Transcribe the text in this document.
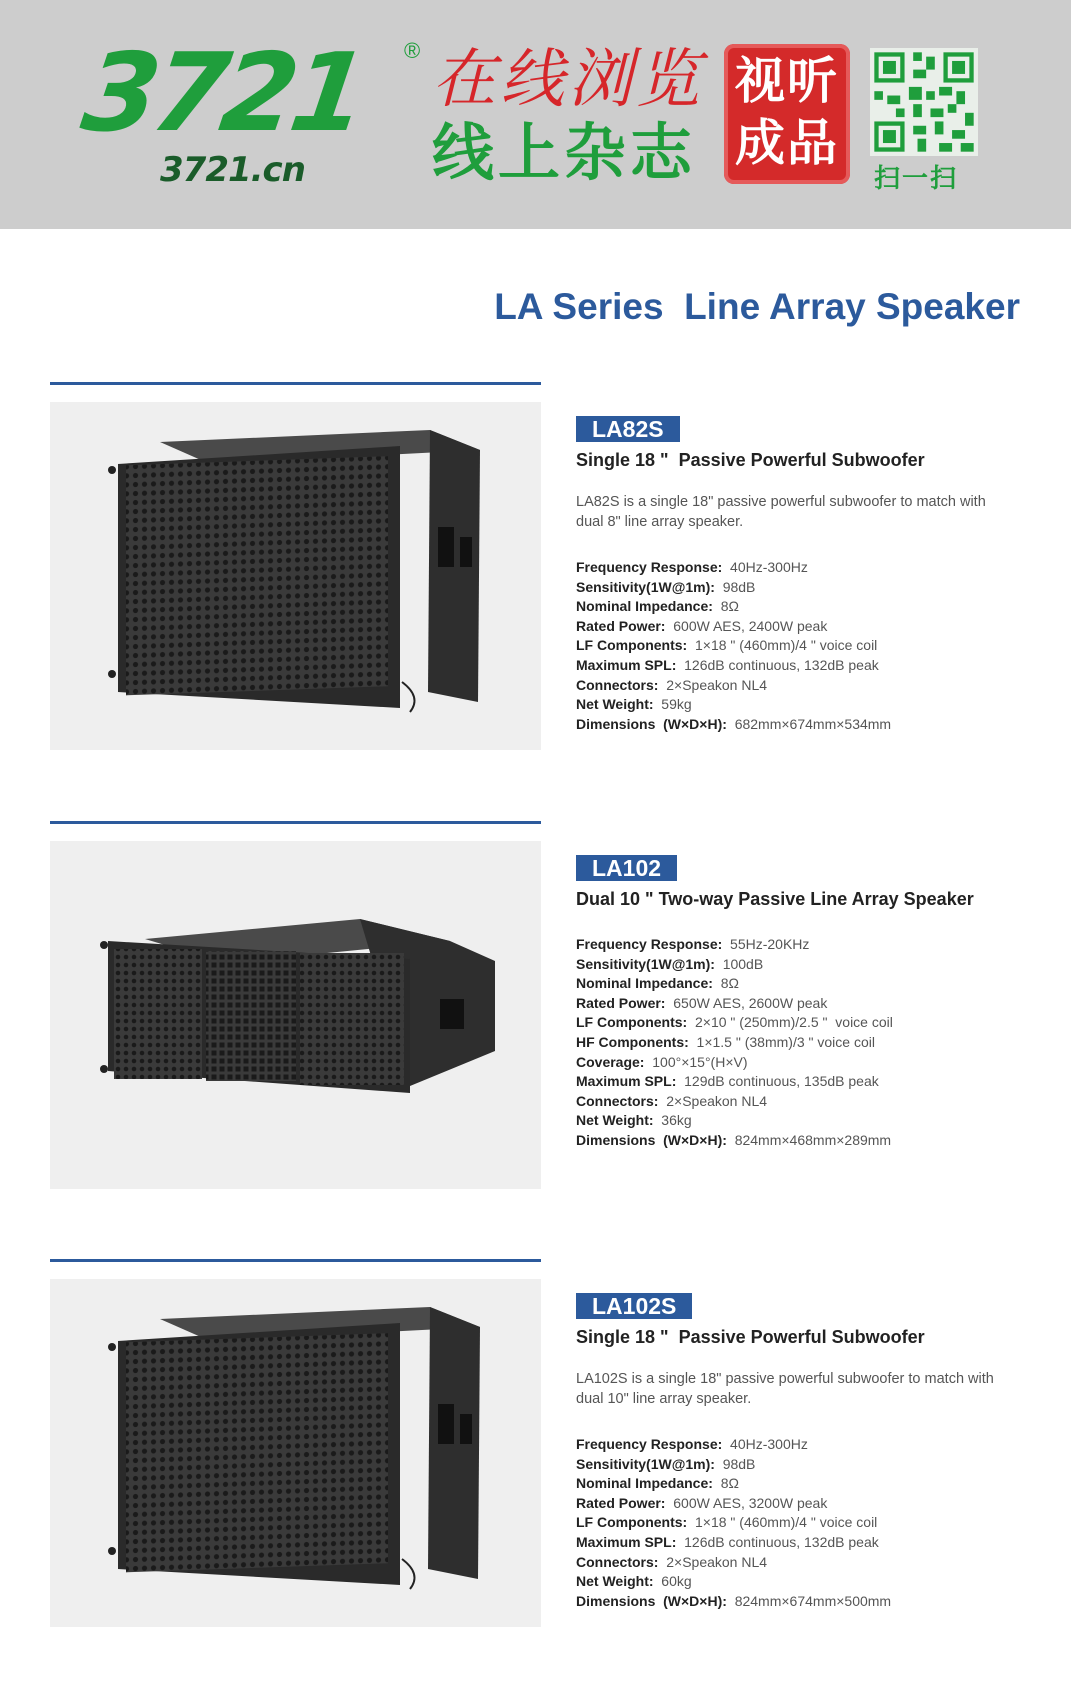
3721 ®
3721.cn
在线浏览
线上杂志
视听
成品
扫一扫
LA Series  Line Array Speaker
LA82S
Single 18 "  Passive Powerful Subwoofer
LA82S is a single 18" passive powerful subwoofer to match with dual 8" line array speaker.
Frequency Response: 40Hz-300Hz
Sensitivity(1W@1m): 98dB
Nominal Impedance: 8Ω
Rated Power: 600W AES, 2400W peak
LF Components: 1×18 " (460mm)/4 " voice coil
Maximum SPL: 126dB continuous, 132dB peak
Connectors: 2×Speakon NL4
Net Weight: 59kg
Dimensions  (W×D×H): 682mm×674mm×534mm
LA102
Dual 10 " Two-way Passive Line Array Speaker
Frequency Response: 55Hz-20KHz
Sensitivity(1W@1m): 100dB
Nominal Impedance: 8Ω
Rated Power: 650W AES, 2600W peak
LF Components: 2×10 " (250mm)/2.5 "  voice coil
HF Components: 1×1.5 " (38mm)/3 " voice coil
Coverage: 100°×15°(H×V)
Maximum SPL: 129dB continuous, 135dB peak
Connectors: 2×Speakon NL4
Net Weight: 36kg
Dimensions  (W×D×H): 824mm×468mm×289mm
LA102S
Single 18 "  Passive Powerful Subwoofer
LA102S is a single 18" passive powerful subwoofer to match with dual 10" line array speaker.
Frequency Response: 40Hz-300Hz
Sensitivity(1W@1m): 98dB
Nominal Impedance: 8Ω
Rated Power: 600W AES, 3200W peak
LF Components: 1×18 " (460mm)/4 " voice coil
Maximum SPL: 126dB continuous, 132dB peak
Connectors: 2×Speakon NL4
Net Weight: 60kg
Dimensions  (W×D×H): 824mm×674mm×500mm
